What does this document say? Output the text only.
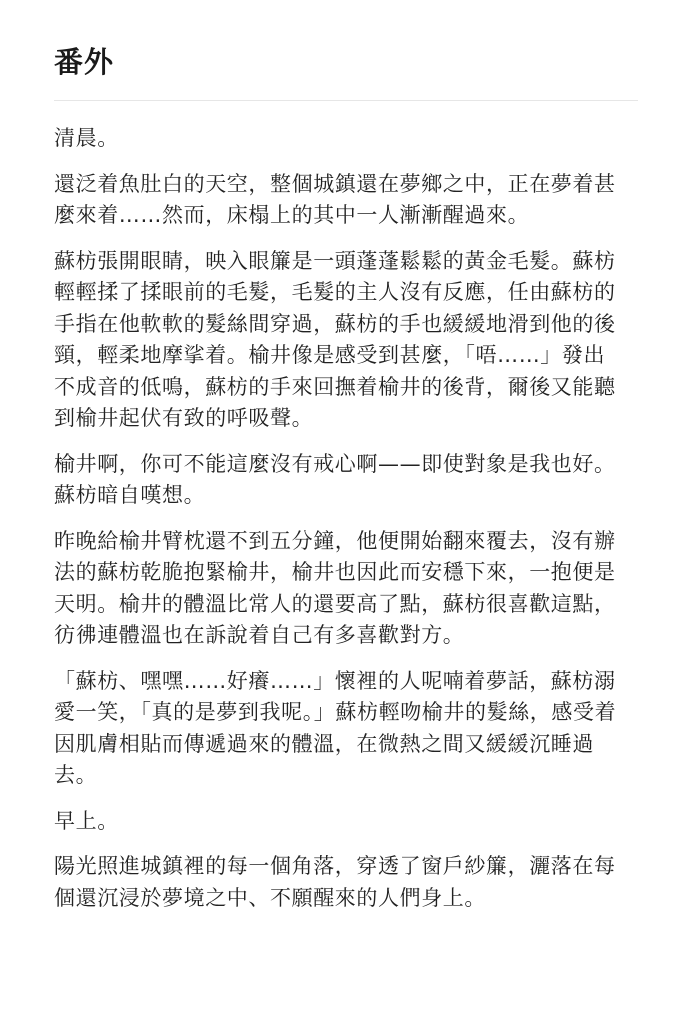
番外

清晨。

還泛着魚肚白的天空，整個城鎮還在夢鄉之中，正在夢着甚
麼來着……然而，床榻上的其中一人漸漸醒過來。

蘇枋張開眼睛，映入眼簾是一頭蓬蓬鬆鬆的黃金毛髮。蘇枋
輕輕揉了揉眼前的毛髮，毛髮的主人沒有反應，任由蘇枋的
手指在他軟軟的髮絲間穿過，蘇枋的手也緩緩地滑到他的後
頸，輕柔地摩挲着。榆井像是感受到甚麼，「唔……」發出
不成音的低鳴，蘇枋的手來回撫着榆井的後背，爾後又能聽
到榆井起伏有致的呼吸聲。

榆井啊，你可不能這麼沒有戒心啊——即使對象是我也好。
蘇枋暗自嘆想。

昨晚給榆井臂枕還不到五分鐘，他便開始翻來覆去，沒有辦
法的蘇枋乾脆抱緊榆井，榆井也因此而安穩下來，一抱便是
天明。榆井的體溫比常人的還要高了點，蘇枋很喜歡這點，
彷彿連體溫也在訴說着自己有多喜歡對方。

「蘇枋、嘿嘿……好癢……」懷裡的人呢喃着夢話，蘇枋溺
愛一笑，「真的是夢到我呢。」蘇枋輕吻榆井的髮絲，感受着
因肌膚相貼而傳遞過來的體溫，在微熱之間又緩緩沉睡過
去。

早上。

陽光照進城鎮裡的每一個角落，穿透了窗戶紗簾，灑落在每
個還沉浸於夢境之中、不願醒來的人們身上。
